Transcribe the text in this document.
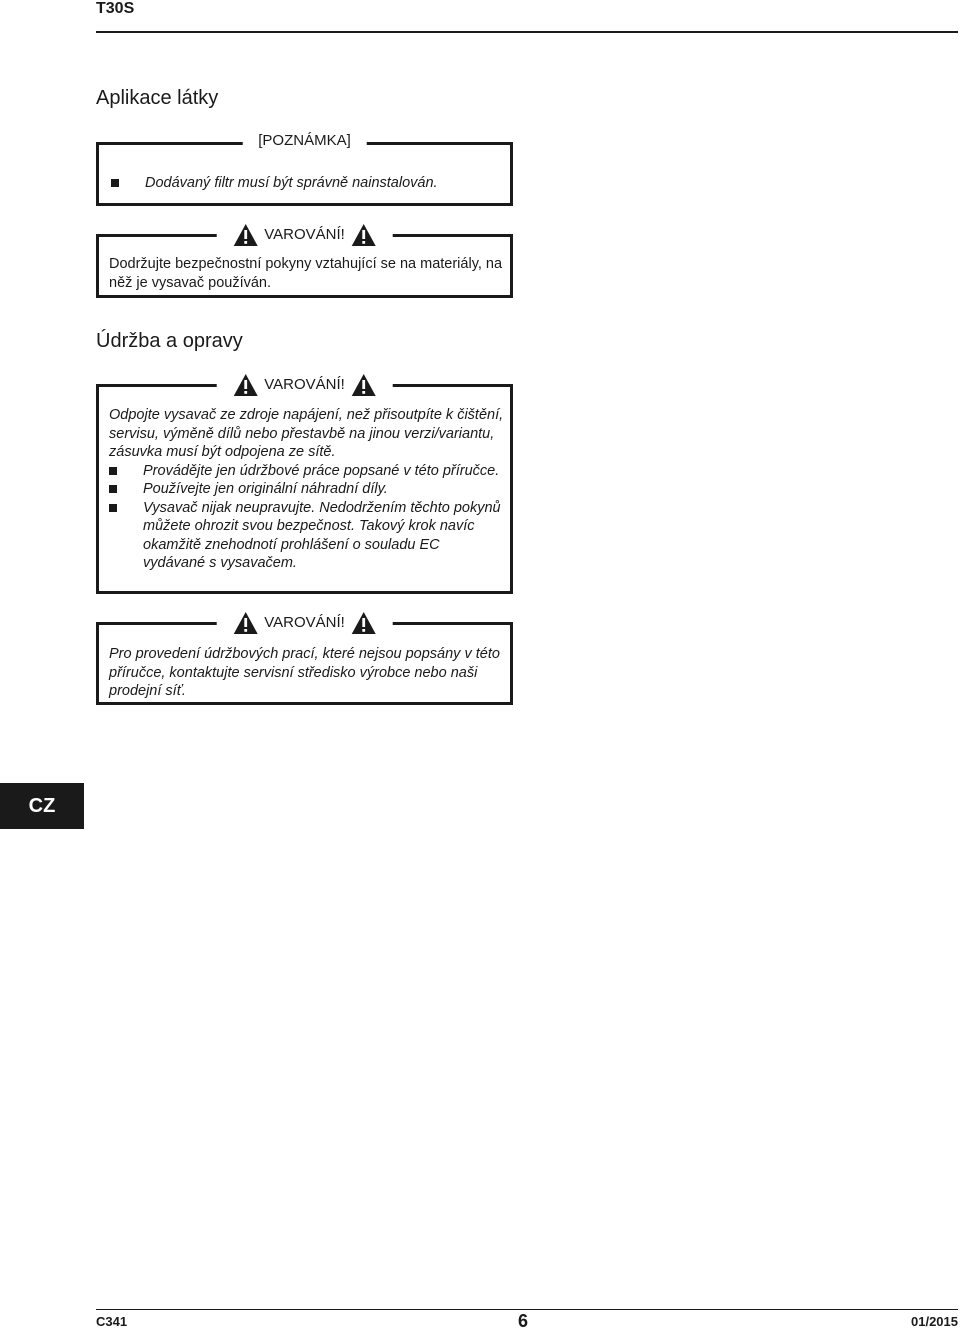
T30S
Aplikace látky
[POZNÁMKA]
Dodávaný filtr musí být správně nainstalován.
VAROVÁNÍ!
Dodržujte bezpečnostní pokyny vztahující se na materiály, na něž je vysavač používán.
Údržba a opravy
VAROVÁNÍ!
Odpojte vysavač ze zdroje napájení, než přisoutpíte k čištění, servisu, výměně dílů nebo přestavbě na jinou verzi/variantu, zásuvka musí být odpojena ze sítě.
Provádějte jen údržbové práce popsané v této příručce.
Používejte jen originální náhradní díly.
Vysavač nijak neupravujte. Nedodržením těchto pokynů můžete ohrozit svou bezpečnost. Takový krok navíc okamžitě znehodnotí prohlášení o souladu EC vydávané s vysavačem.
VAROVÁNÍ!
Pro provedení údržbových prací, které nejsou popsány v této příručce, kontaktujte servisní středisko výrobce nebo naši prodejní síť.
CZ
C341	6	01/2015
